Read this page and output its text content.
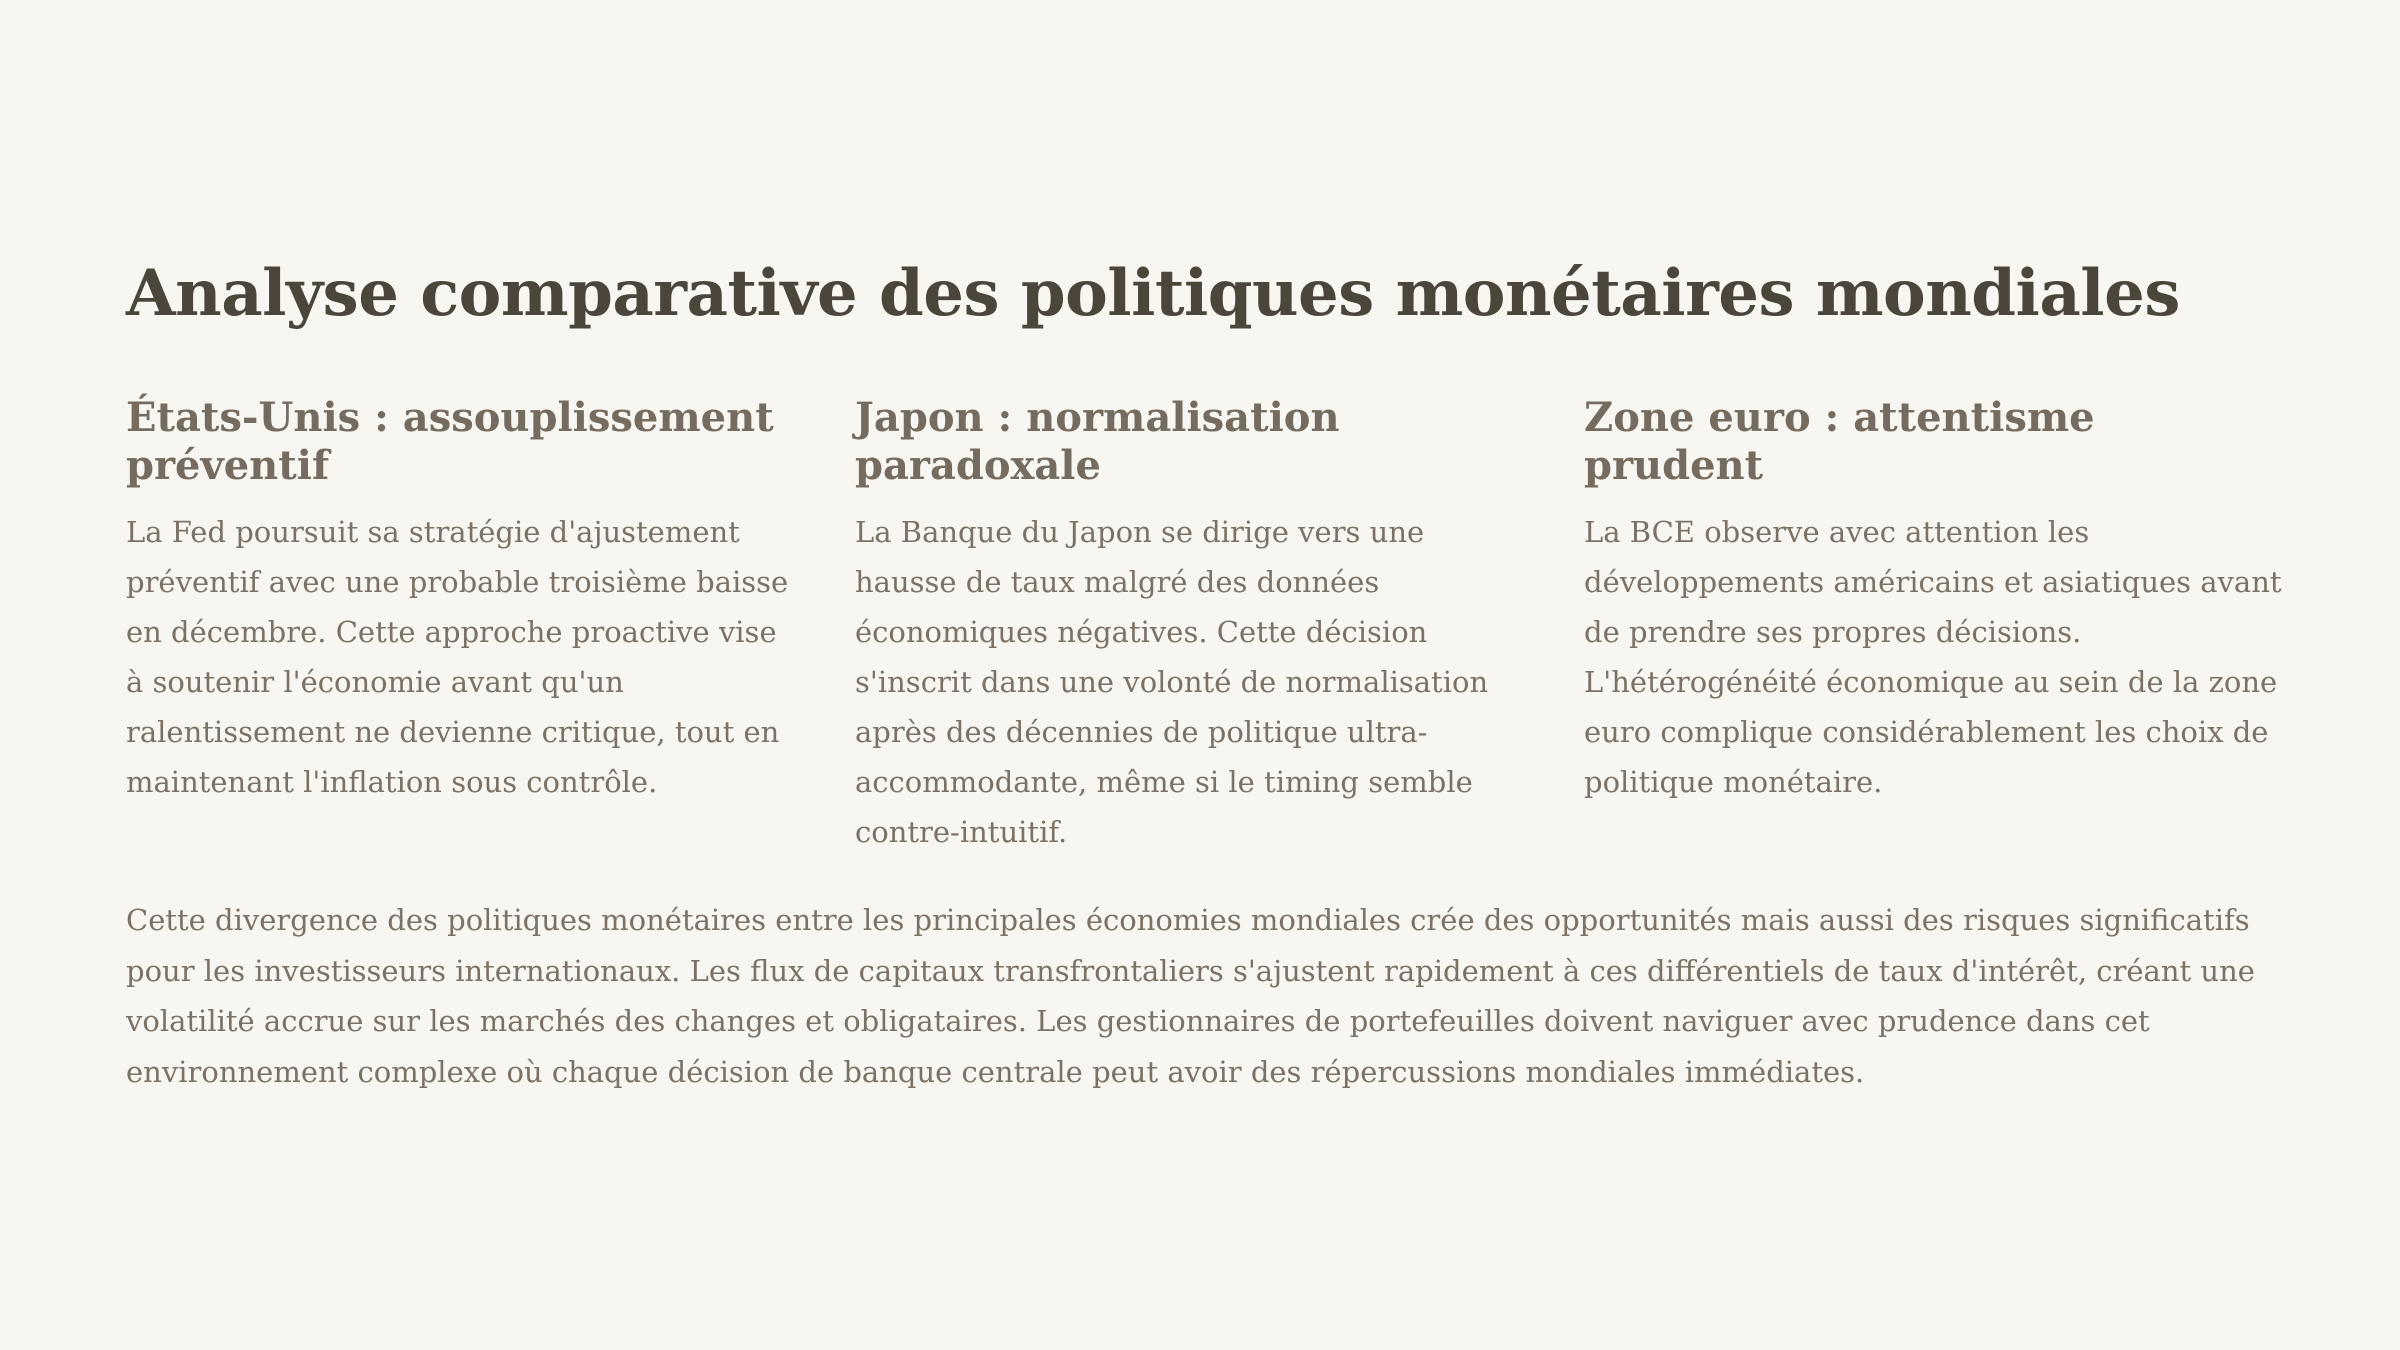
Analyse comparative des politiques monétaires mondiales
États-Unis : assouplissement préventif

La Fed poursuit sa stratégie d'ajustement préventif avec une probable troisième baisse en décembre. Cette approche proactive vise à soutenir l'économie avant qu'un ralentissement ne devienne critique, tout en maintenant l'inflation sous contrôle.

Japon : normalisation paradoxale

La Banque du Japon se dirige vers une hausse de taux malgré des données économiques négatives. Cette décision s'inscrit dans une volonté de normalisation après des décennies de politique ultra-accommodante, même si le timing semble contre-intuitif.

Zone euro : attentisme prudent

La BCE observe avec attention les développements américains et asiatiques avant de prendre ses propres décisions. L'hétérogénéité économique au sein de la zone euro complique considérablement les choix de politique monétaire.

Cette divergence des politiques monétaires entre les principales économies mondiales crée des opportunités mais aussi des risques significatifs pour les investisseurs internationaux. Les flux de capitaux transfrontaliers s'ajustent rapidement à ces différentiels de taux d'intérêt, créant une volatilité accrue sur les marchés des changes et obligataires. Les gestionnaires de portefeuilles doivent naviguer avec prudence dans cet environnement complexe où chaque décision de banque centrale peut avoir des répercussions mondiales immédiates.
